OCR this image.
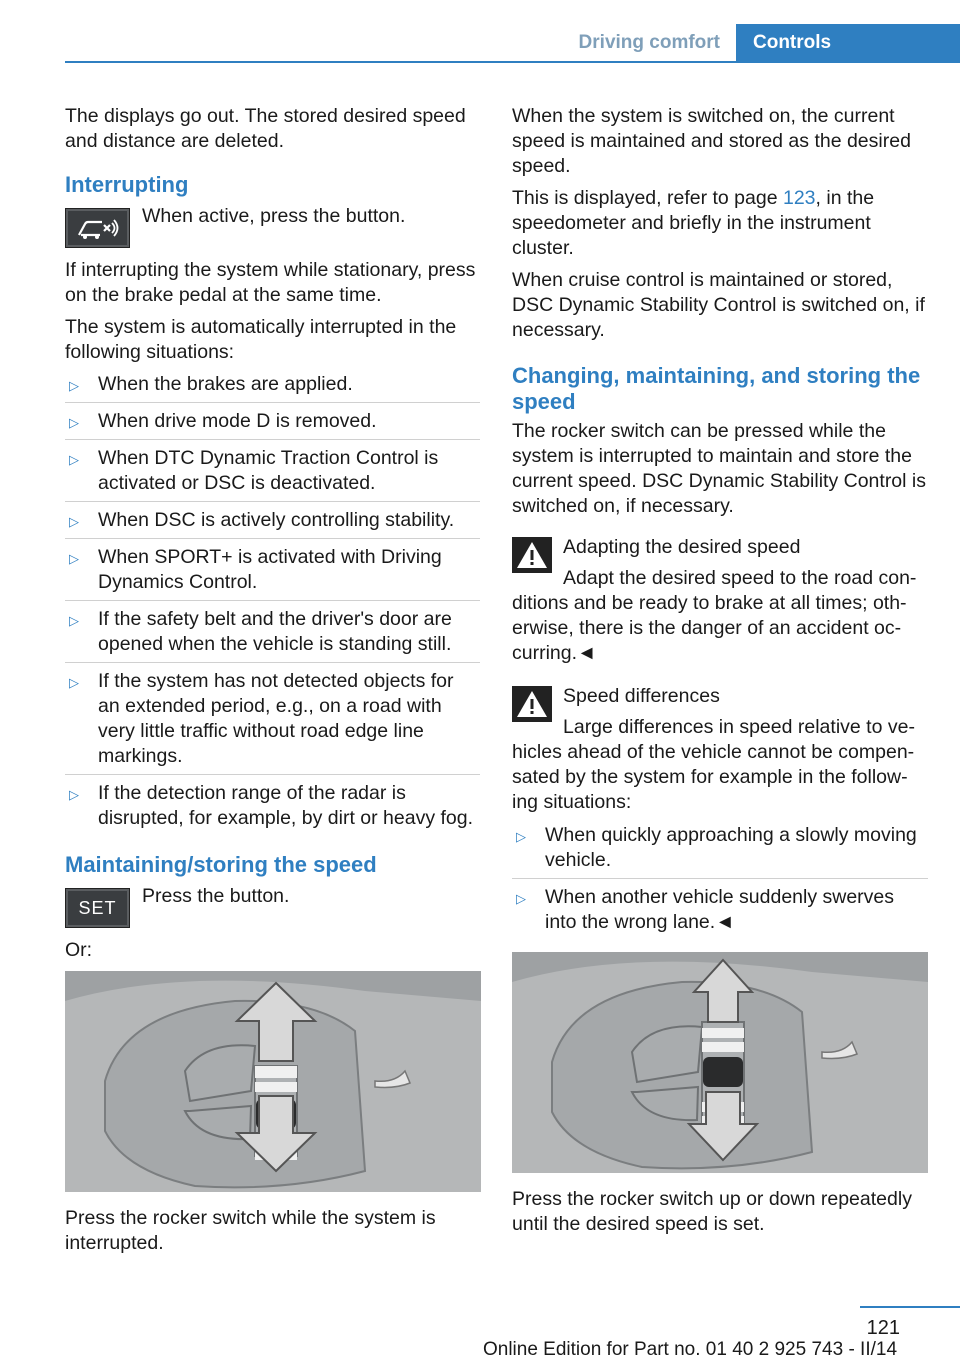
Driving comfort	Controls

The displays go out. The stored desired speed and distance are deleted.

Interrupting
When active, press the button.

If interrupting the system while stationary, press on the brake pedal at the same time.

The system is automatically interrupted in the following situations:

▷ When the brakes are applied.
▷ When drive mode D is removed.
▷ When DTC Dynamic Traction Control is activated or DSC is deactivated.
▷ When DSC is actively controlling stability.
▷ When SPORT+ is activated with Driving Dynamics Control.
▷ If the safety belt and the driver's door are opened when the vehicle is standing still.
▷ If the system has not detected objects for an extended period, e.g., on a road with very little traffic without road edge line markings.
▷ If the detection range of the radar is disrupted, for example, by dirt or heavy fog.
Maintaining/storing the speed
SET
Press the button.

Or:

Press the rocker switch while the system is interrupted.

When the system is switched on, the current speed is maintained and stored as the desired speed.

This is displayed, refer to page 123, in the speedometer and briefly in the instrument cluster.

When cruise control is maintained or stored, DSC Dynamic Stability Control is switched on, if necessary.

Changing, maintaining, and storing the speed

The rocker switch can be pressed while the system is interrupted to maintain and store the current speed. DSC Dynamic Stability Control is switched on, if necessary.

Adapting the desired speed
Adapt the desired speed to the road con-

ditions and be ready to brake at all times; oth-erwise, there is the danger of an accident oc-curring.◄

Speed differences
Large differences in speed relative to ve-

hicles ahead of the vehicle cannot be compen-sated by the system for example in the follow-ing situations:

▷ When quickly approaching a slowly moving vehicle.
▷ When another vehicle suddenly swerves into the wrong lane.◄

Press the rocker switch up or down repeatedly until the desired speed is set.

121
Online Edition for Part no. 01 40 2 925 743 - II/14
